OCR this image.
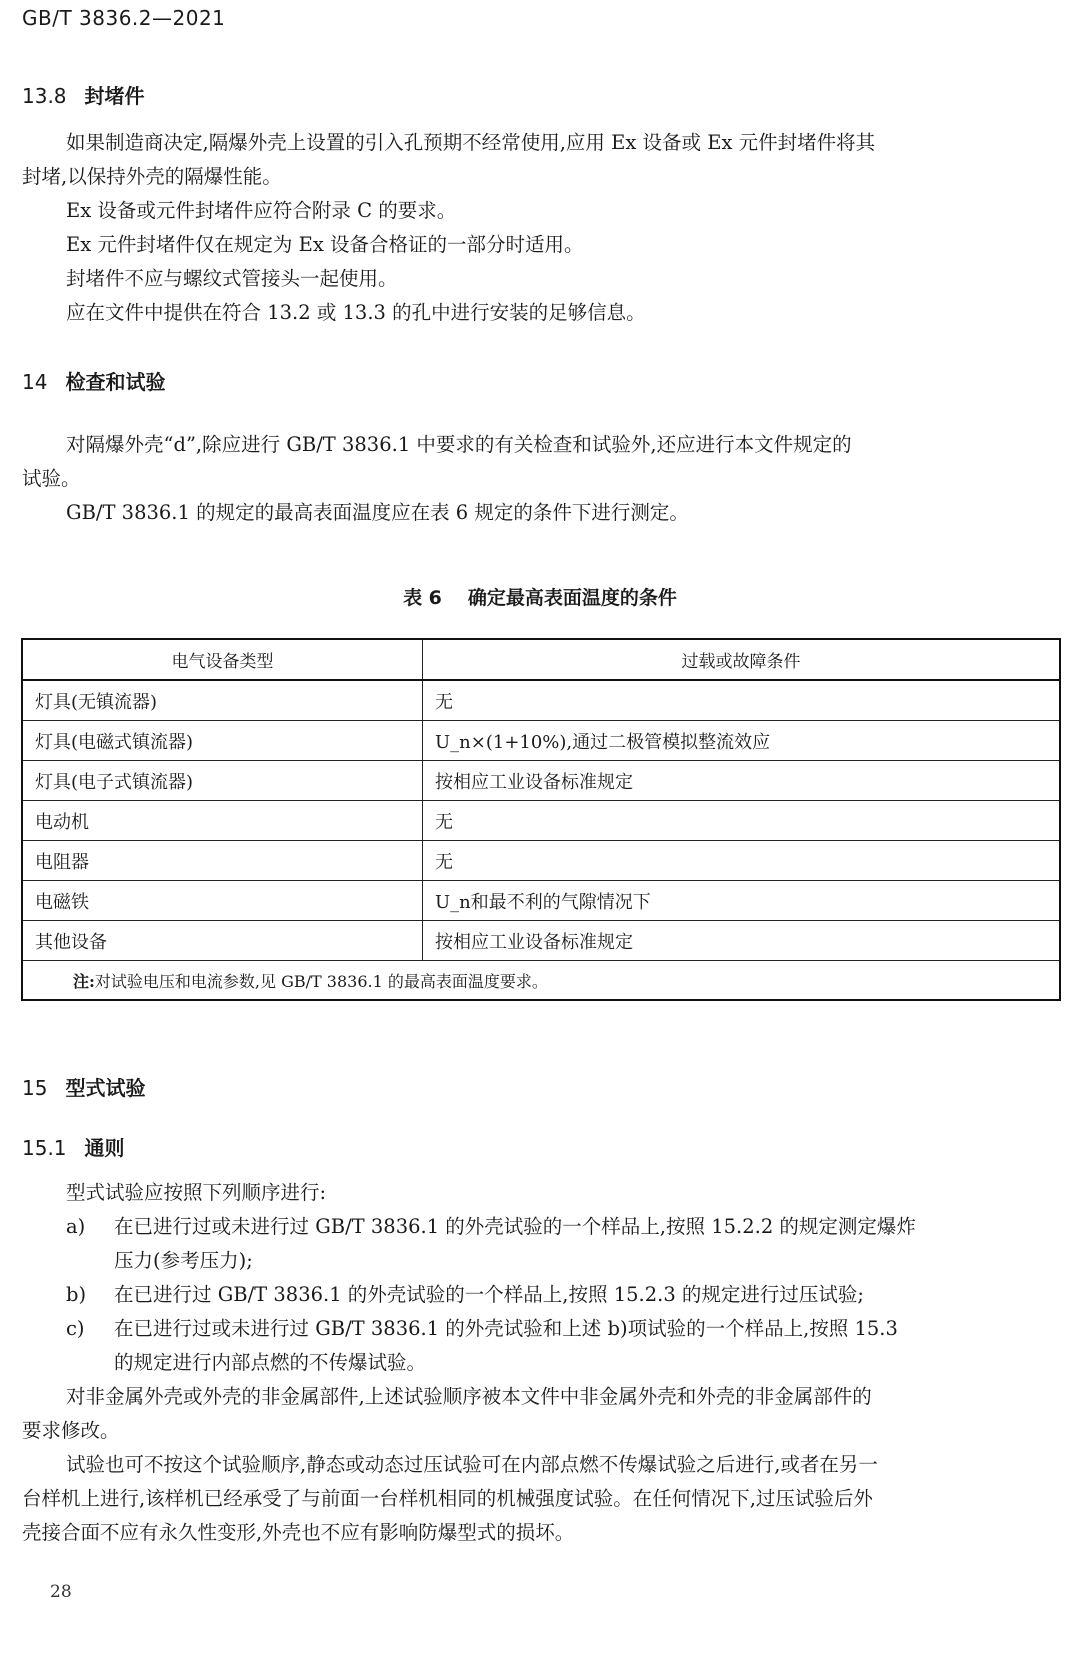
GB/T 3836.2—2021
13.8 封堵件

如果制造商决定,隔爆外壳上设置的引入孔预期不经常使用,应用 Ex 设备或 Ex 元件封堵件将其

封堵,以保持外壳的隔爆性能。

Ex 设备或元件封堵件应符合附录 C 的要求。

Ex 元件封堵件仅在规定为 Ex 设备合格证的一部分时适用。

封堵件不应与螺纹式管接头一起使用。

应在文件中提供在符合 13.2 或 13.3 的孔中进行安装的足够信息。

14 检查和试验

对隔爆外壳“d”,除应进行 GB/T 3836.1 中要求的有关检查和试验外,还应进行本文件规定的

试验。

GB/T 3836.1 的规定的最高表面温度应在表 6 规定的条件下进行测定。

表 6 确定最高表面温度的条件
电气设备类型	过载或故障条件
灯具(无镇流器)	无
灯具(电磁式镇流器)	U_n×(1+10%),通过二极管模拟整流效应
灯具(电子式镇流器)	按相应工业设备标准规定
电动机	无
电阻器	无
电磁铁	U_n和最不利的气隙情况下
其他设备	按相应工业设备标准规定
注:对试验电压和电流参数,见 GB/T 3836.1 的最高表面温度要求。	
15 型式试验
15.1 通则

型式试验应按照下列顺序进行:

a) 在已进行过或未进行过 GB/T 3836.1 的外壳试验的一个样品上,按照 15.2.2 的规定测定爆炸
压力(参考压力);
b) 在已进行过 GB/T 3836.1 的外壳试验的一个样品上,按照 15.2.3 的规定进行过压试验;
c) 在已进行过或未进行过 GB/T 3836.1 的外壳试验和上述 b)项试验的一个样品上,按照 15.3
的规定进行内部点燃的不传爆试验。

对非金属外壳或外壳的非金属部件,上述试验顺序被本文件中非金属外壳和外壳的非金属部件的

要求修改。

试验也可不按这个试验顺序,静态或动态过压试验可在内部点燃不传爆试验之后进行,或者在另一

台样机上进行,该样机已经承受了与前面一台样机相同的机械强度试验。在任何情况下,过压试验后外

壳接合面不应有永久性变形,外壳也不应有影响防爆型式的损坏。

28
